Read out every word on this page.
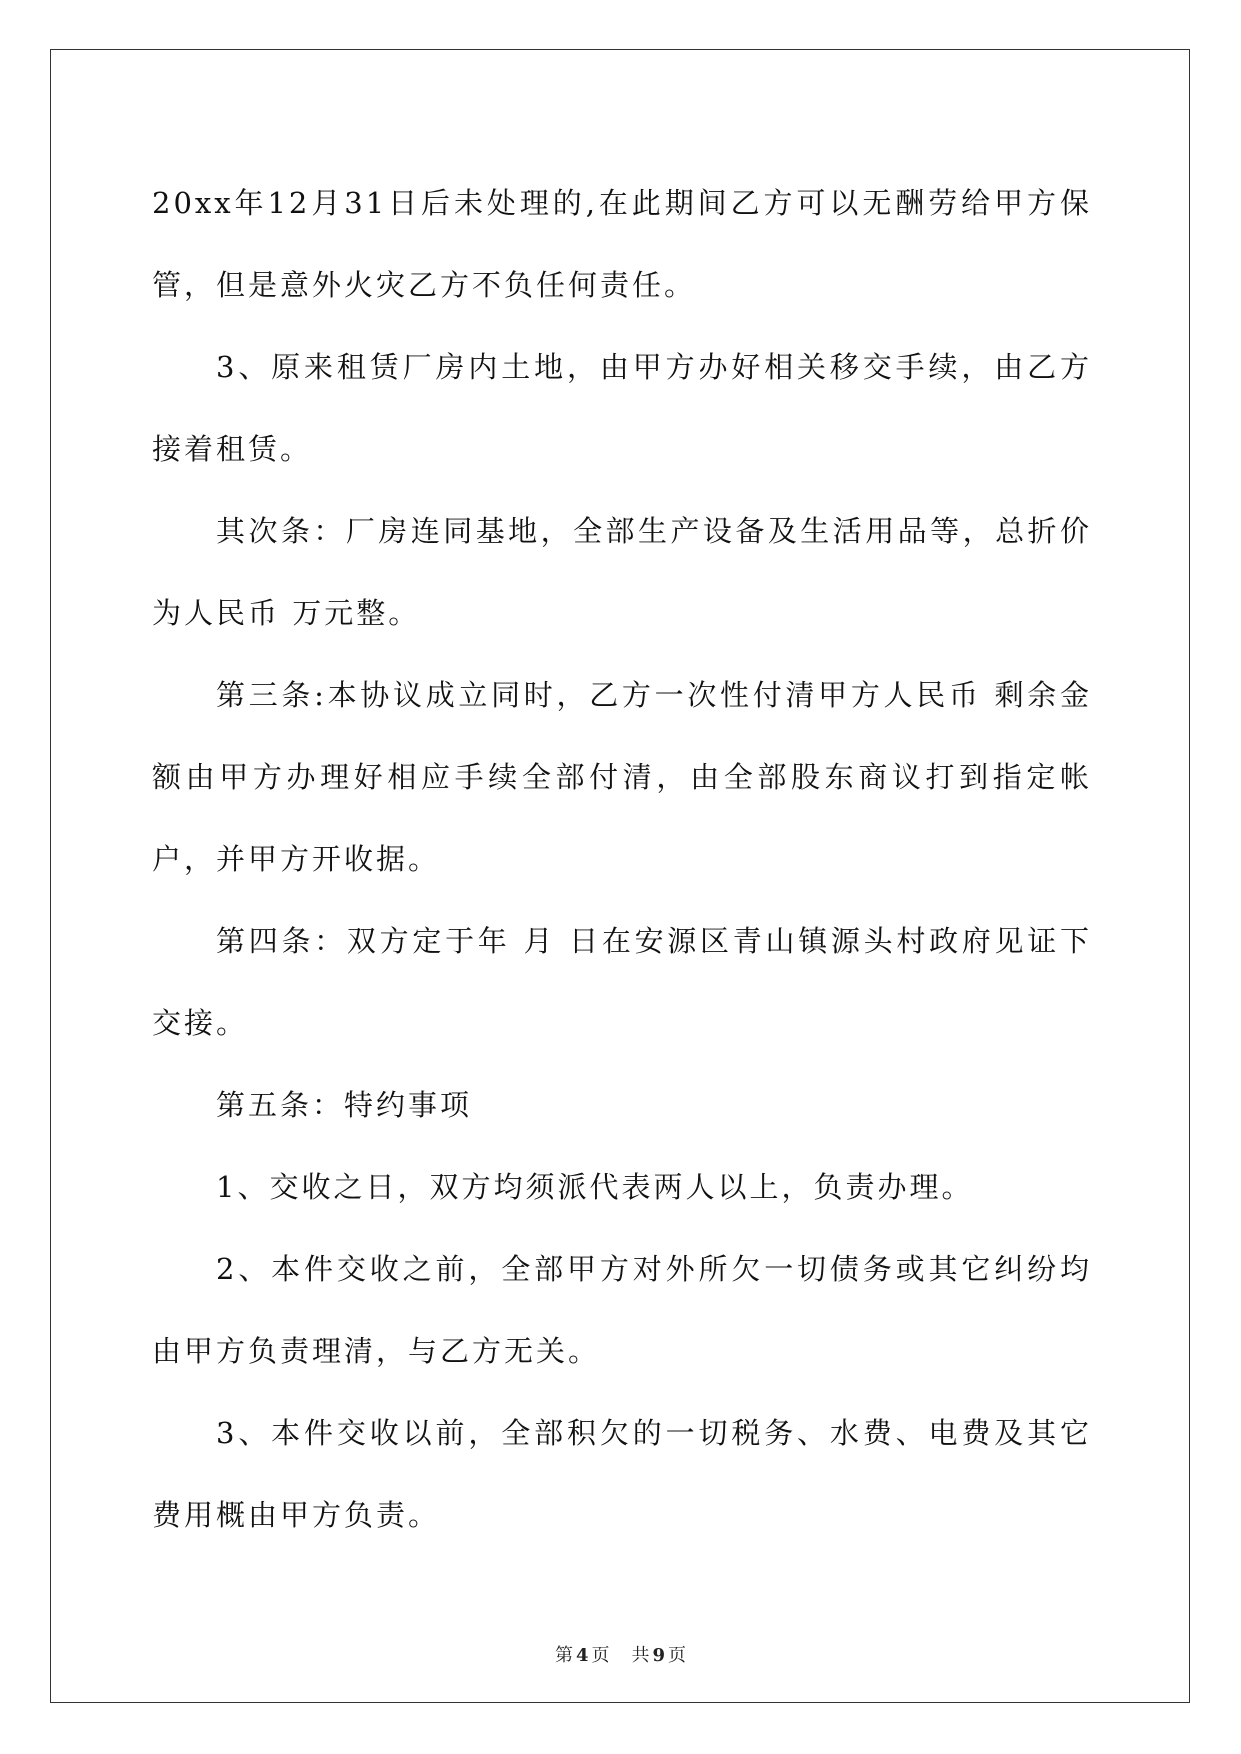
20xx年12月31日后未处理的,在此期间乙方可以无酬劳给甲方保管，但是意外火灾乙方不负任何责任。

3、原来租赁厂房内土地，由甲方办好相关移交手续，由乙方接着租赁。

其次条：厂房连同基地，全部生产设备及生活用品等，总折价为人民币 万元整。

第三条:本协议成立同时，乙方一次性付清甲方人民币 剩余金额由甲方办理好相应手续全部付清，由全部股东商议打到指定帐户，并甲方开收据。

第四条：双方定于年 月 日在安源区青山镇源头村政府见证下交接。

第五条：特约事项

1、交收之日，双方均须派代表两人以上，负责办理。

2、本件交收之前，全部甲方对外所欠一切债务或其它纠纷均由甲方负责理清，与乙方无关。

3、本件交收以前，全部积欠的一切税务、水费、电费及其它费用概由甲方负责。

第 4 页 共 9 页
